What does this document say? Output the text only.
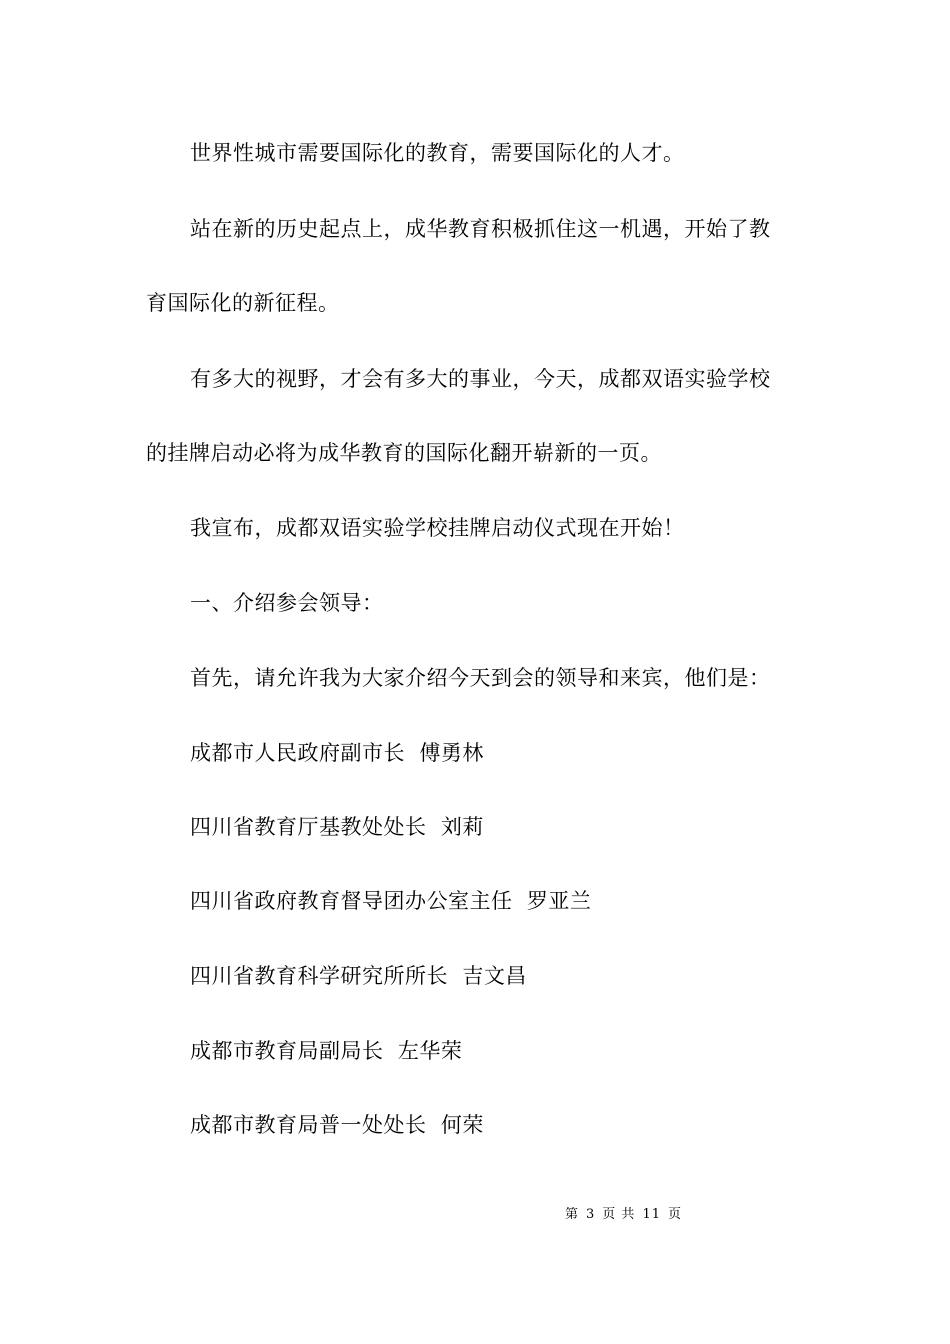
世界性城市需要国际化的教育，需要国际化的人才。
站在新的历史起点上，成华教育积极抓住这一机遇，开始了教
育国际化的新征程。
有多大的视野，才会有多大的事业，今天，成都双语实验学校
的挂牌启动必将为成华教育的国际化翻开崭新的一页。
我宣布，成都双语实验学校挂牌启动仪式现在开始！
一、介绍参会领导：
首先，请允许我为大家介绍今天到会的领导和来宾，他们是：
成都市人民政府副市长 傅勇林
四川省教育厅基教处处长 刘莉
四川省政府教育督导团办公室主任 罗亚兰
四川省教育科学研究所所长 吉文昌
成都市教育局副局长 左华荣
成都市教育局普一处处长 何荣
第 3 页 共 11 页
